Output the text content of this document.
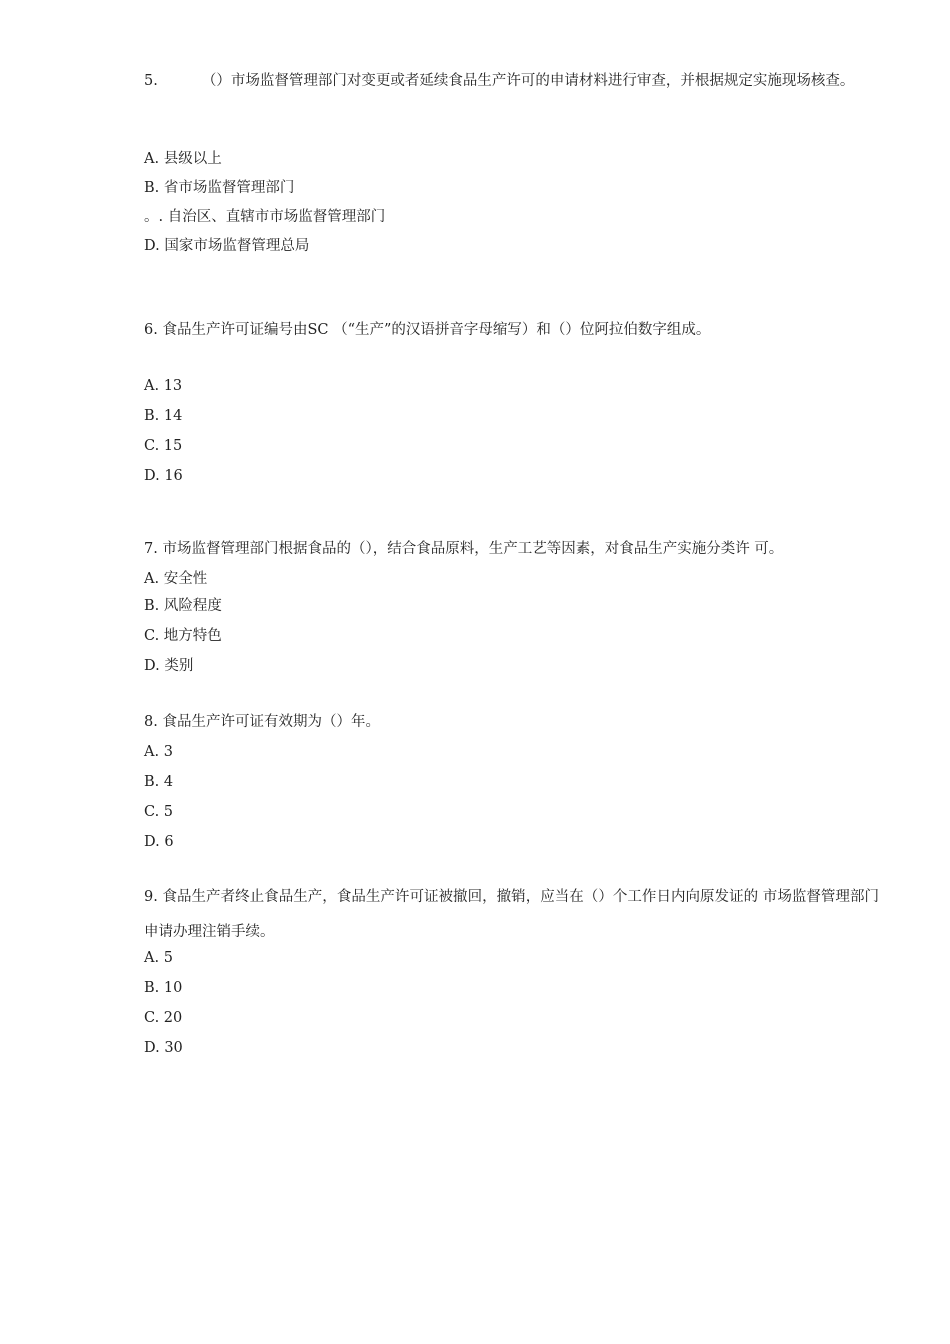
5.	（）市场监督管理部门对变更或者延续食品生产许可的申请材料进行审查，并根据规定实施现场核查。
A. 县级以上
B. 省市场监督管理部门
。. 自治区、直辖市市场监督管理部门
D. 国家市场监督管理总局
6. 食品生产许可证编号由SC （“生产”的汉语拼音字母缩写）和（）位阿拉伯数字组成。
A. 13
B. 14
C. 15
D. 16
7. 市场监督管理部门根据食品的（），结合食品原料，生产工艺等因素，对食品生产实施分类许 可。
A. 安全性
B. 风险程度
C. 地方特色
D. 类别
8. 食品生产许可证有效期为（）年。
A. 3
B. 4
C. 5
D. 6
9. 食品生产者终止食品生产，食品生产许可证被撤回，撤销，应当在（）个工作日内向原发证的 市场监督管理部门申请办理注销手续。
A. 5
B. 10
C. 20
D. 30
